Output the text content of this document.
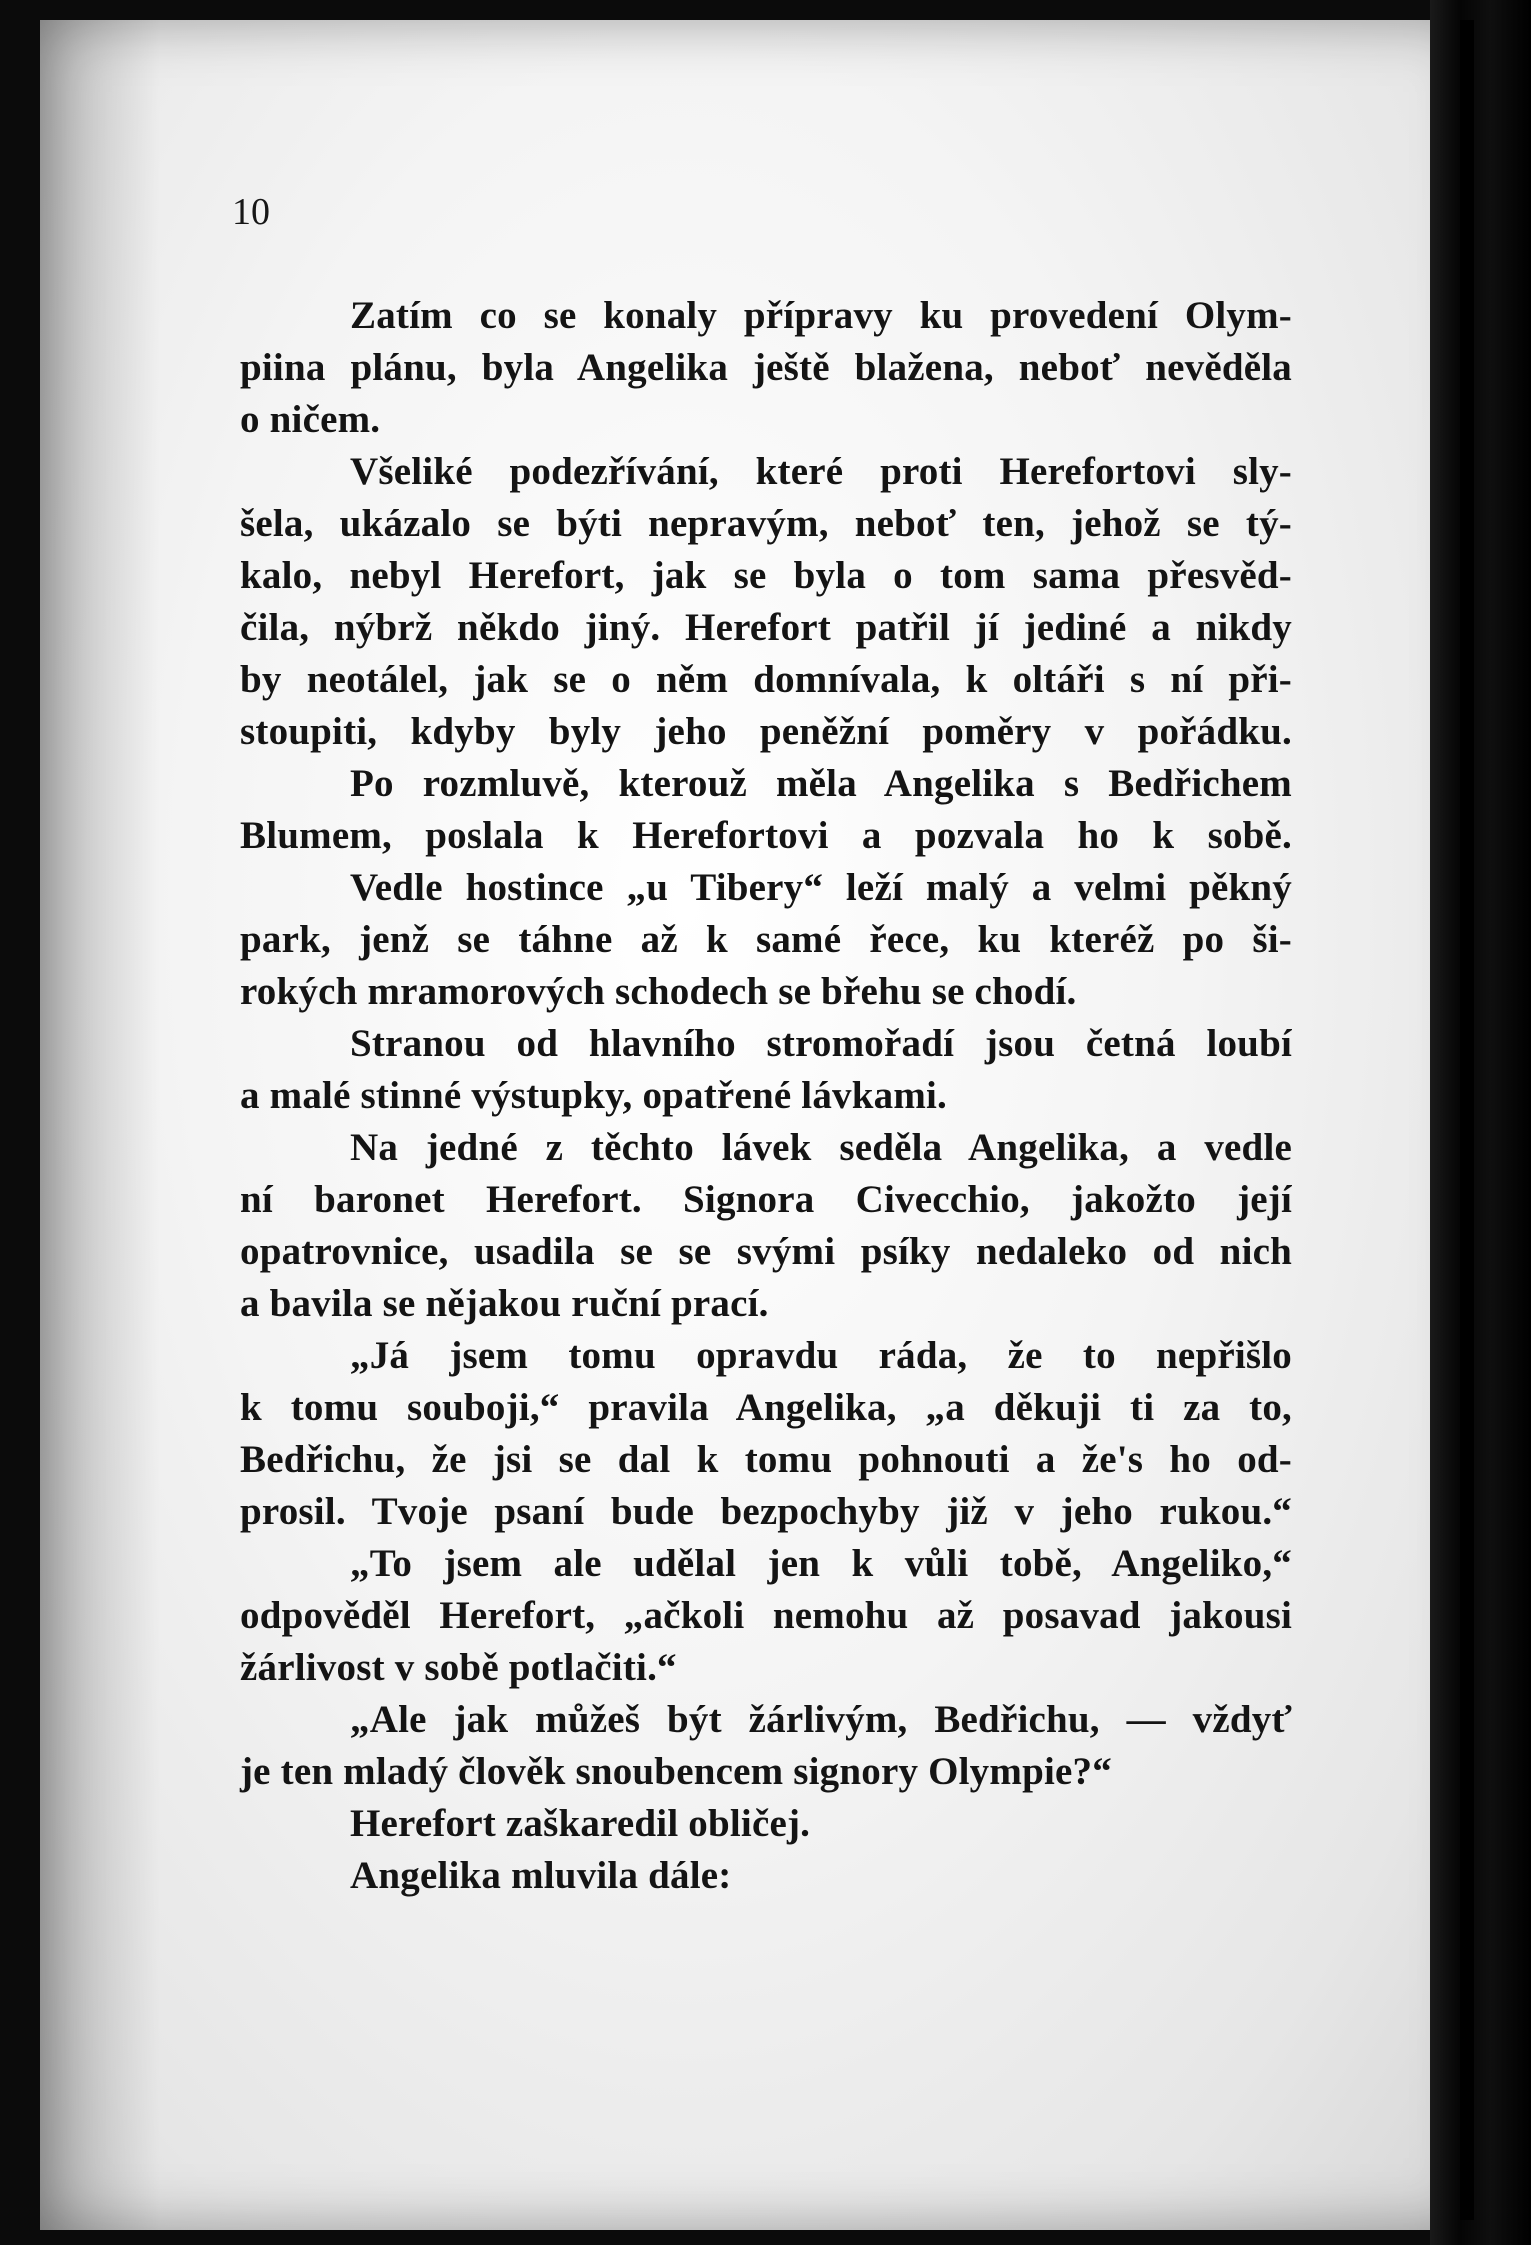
10
Zatím co se konaly přípravy ku provedení Olym-
piina plánu, byla Angelika ještě blažena, neboť nevěděla
o ničem.
Všeliké podezřívání, které proti Herefortovi sly-
šela, ukázalo se býti nepravým, neboť ten, jehož se tý-
kalo, nebyl Herefort, jak se byla o tom sama přesvěd-
čila, nýbrž někdo jiný. Herefort patřil jí jediné a nikdy
by neotálel, jak se o něm domnívala, k oltáři s ní při-
stoupiti, kdyby byly jeho peněžní poměry v pořádku.
Po rozmluvě, kterouž měla Angelika s Bedřichem
Blumem, poslala k Herefortovi a pozvala ho k sobě.
Vedle hostince „u Tibery“ leží malý a velmi pěkný
park, jenž se táhne až k samé řece, ku kteréž po ši-
rokých mramorových schodech se břehu se chodí.
Stranou od hlavního stromořadí jsou četná loubí
a malé stinné výstupky, opatřené lávkami.
Na jedné z těchto lávek seděla Angelika, a vedle
ní baronet Herefort. Signora Civecchio, jakožto její
opatrovnice, usadila se se svými psíky nedaleko od nich
a bavila se nějakou ruční prací.
„Já jsem tomu opravdu ráda, že to nepřišlo
k tomu souboji,“ pravila Angelika, „a děkuji ti za to,
Bedřichu, že jsi se dal k tomu pohnouti a že's ho od-
prosil. Tvoje psaní bude bezpochyby již v jeho rukou.“
„To jsem ale udělal jen k vůli tobě, Angeliko,“
odpověděl Herefort, „ačkoli nemohu až posavad jakousi
žárlivost v sobě potlačiti.“
„Ale jak můžeš být žárlivým, Bedřichu, — vždyť
je ten mladý člověk snoubencem signory Olympie?“
Herefort zaškaredil obličej.
Angelika mluvila dále:
